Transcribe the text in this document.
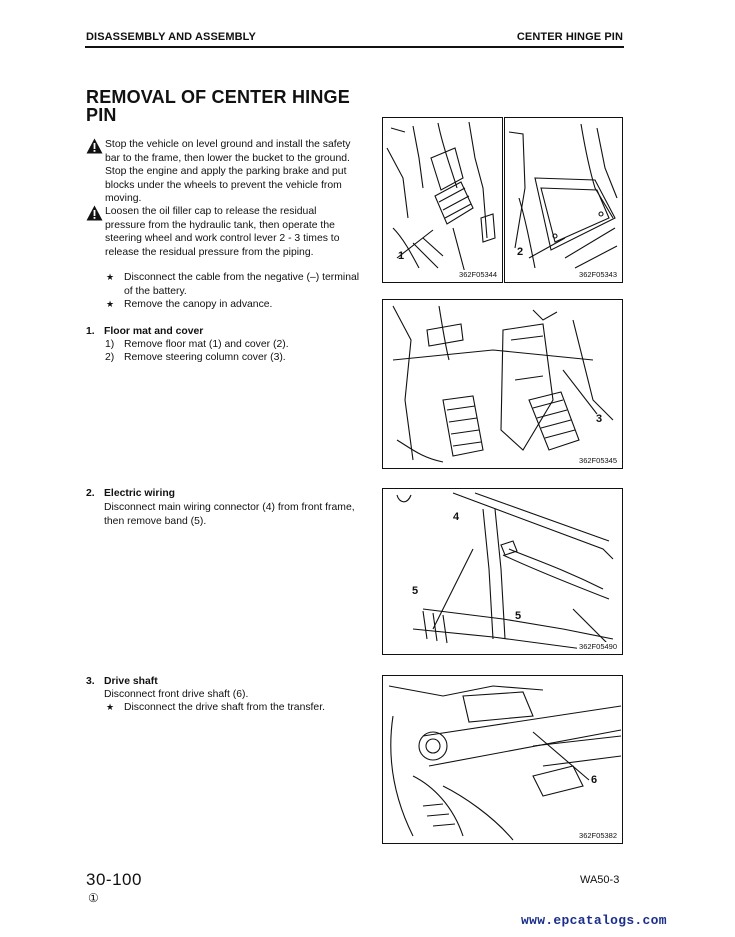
DISASSEMBLY AND ASSEMBLY	CENTER HINGE PIN
REMOVAL OF CENTER HINGE PIN
Stop the vehicle on level ground and install the safety bar to the frame, then lower the bucket to the ground. Stop the engine and apply the parking brake and put blocks under the wheels to prevent the vehicle from moving.
Loosen the oil filler cap to release the residual pressure from the hydraulic tank, then operate the steering wheel and work control lever 2 - 3 times to release the residual pressure from the piping.
★ Disconnect the cable from the negative (–) terminal of the battery.
★ Remove the canopy in advance.
1. Floor mat and cover
1) Remove floor mat (1) and cover (2).
2) Remove steering column cover (3).
2. Electric wiring
Disconnect main wiring connector (4) from front frame, then remove band (5).
3. Drive shaft
Disconnect front drive shaft (6).
★ Disconnect the drive shaft from the transfer.
1
362F05344
2
362F05343
3
362F05345
4
5
5
362F05490
6
362F05382
30-100
①
WA50-3
www.epcatalogs.com
